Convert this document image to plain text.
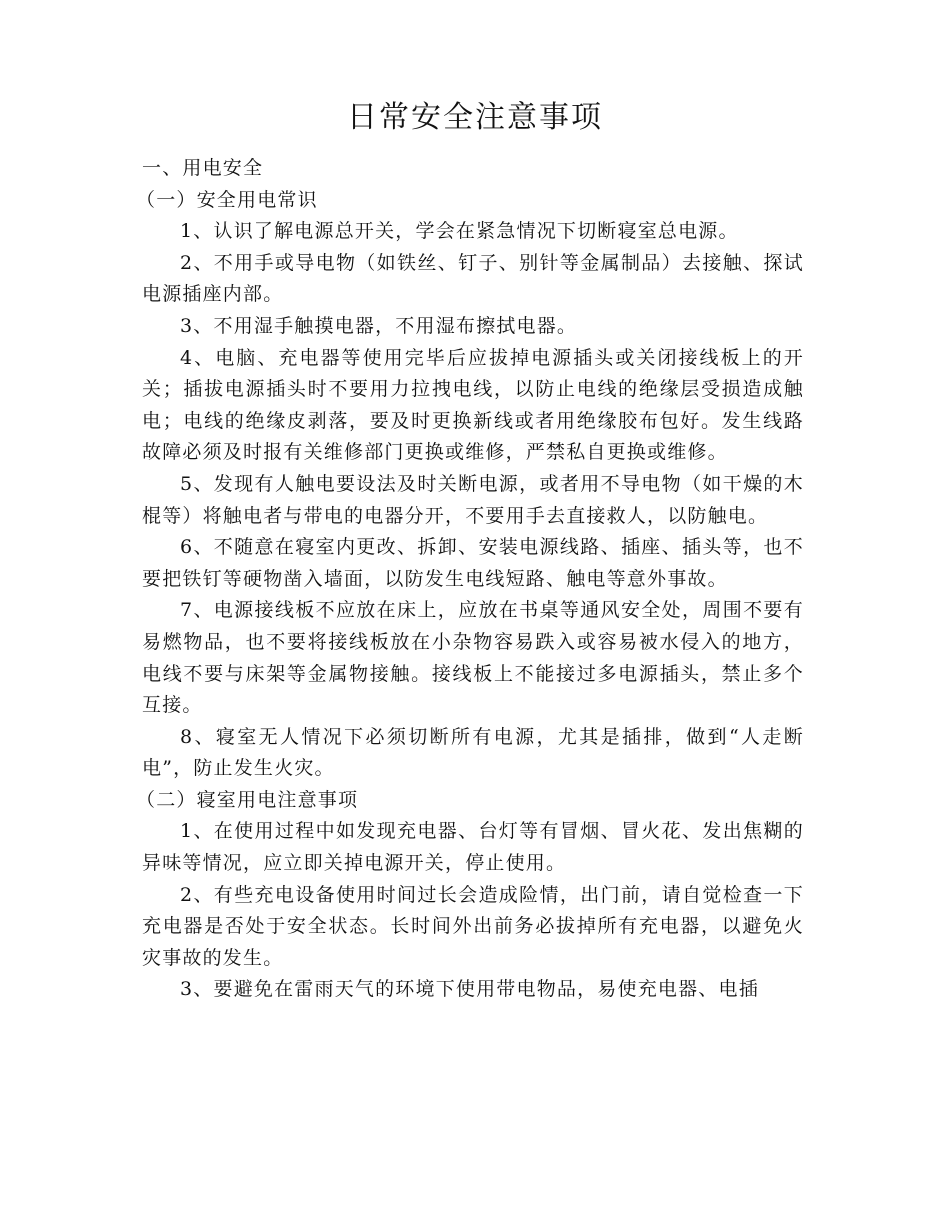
日常安全注意事项

一、用电安全

（一）安全用电常识

1、认识了解电源总开关，学会在紧急情况下切断寝室总电源。

2、不用手或导电物（如铁丝、钉子、别针等金属制品）去接触、探试电源插座内部。

3、不用湿手触摸电器，不用湿布擦拭电器。

4、电脑、充电器等使用完毕后应拔掉电源插头或关闭接线板上的开关；插拔电源插头时不要用力拉拽电线，以防止电线的绝缘层受损造成触电；电线的绝缘皮剥落，要及时更换新线或者用绝缘胶布包好。发生线路故障必须及时报有关维修部门更换或维修，严禁私自更换或维修。

5、发现有人触电要设法及时关断电源，或者用不导电物（如干燥的木棍等）将触电者与带电的电器分开，不要用手去直接救人，以防触电。

6、不随意在寝室内更改、拆卸、安装电源线路、插座、插头等，也不要把铁钉等硬物凿入墙面，以防发生电线短路、触电等意外事故。

7、电源接线板不应放在床上，应放在书桌等通风安全处，周围不要有易燃物品，也不要将接线板放在小杂物容易跌入或容易被水侵入的地方，电线不要与床架等金属物接触。接线板上不能接过多电源插头，禁止多个互接。

8、寝室无人情况下必须切断所有电源，尤其是插排，做到“人走断电”，防止发生火灾。

（二）寝室用电注意事项

1、在使用过程中如发现充电器、台灯等有冒烟、冒火花、发出焦糊的异味等情况，应立即关掉电源开关，停止使用。

2、有些充电设备使用时间过长会造成险情，出门前，请自觉检查一下充电器是否处于安全状态。长时间外出前务必拔掉所有充电器，以避免火灾事故的发生。

3、要避免在雷雨天气的环境下使用带电物品，易使充电器、电插
